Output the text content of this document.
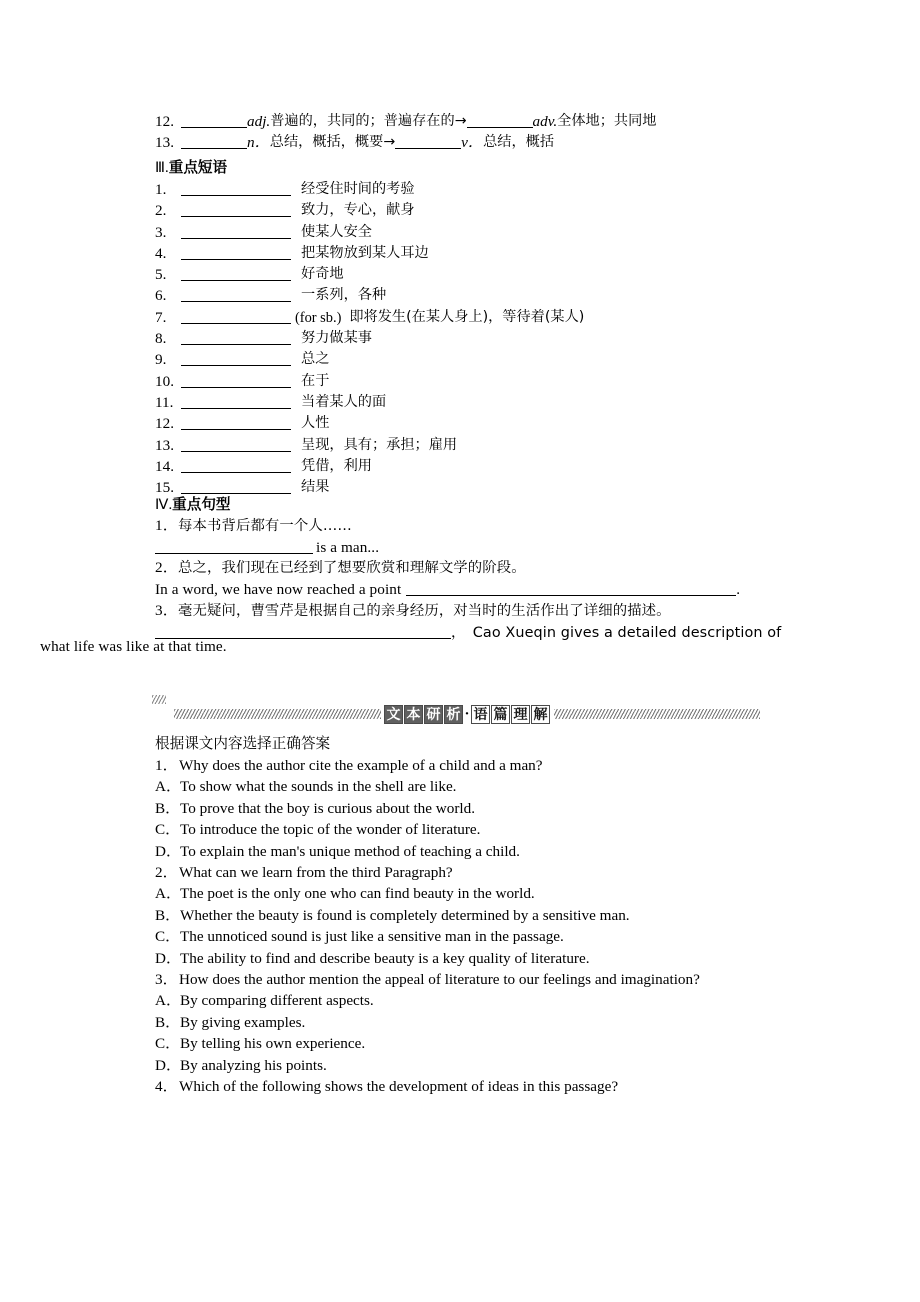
12.	adj.普遍的，共同的；普遍存在的→	adv.全体地；共同地
13.	n．总结，概括，概要→	v．总结，概括
Ⅲ.重点短语
1.	经受住时间的考验
2.	致力，专心，献身
3.	使某人安全
4.	把某物放到某人耳边
5.	好奇地
6.	一系列，各种
7.	(for sb.) 即将发生(在某人身上)，等待着(某人)
8.	努力做某事
9.	总之
10.	在于
11.	当着某人的面
12.	人性
13.	呈现，具有；承担；雇用
14.	凭借，利用
15.	结果
Ⅳ.重点句型
1．每本书背后都有一个人……
is a man...
2．总之，我们现在已经到了想要欣赏和理解文学的阶段。
In a word, we have now reached a point	.
3．毫无疑问，曹雪芹是根据自己的亲身经历，对当时的生活作出了详细的描述。
，　Cao Xueqin gives a detailed description of
what life was like at that time.
文 本 研 析 · 语 篇 理 解
根据课文内容选择正确答案
1．Why does the author cite the example of a child and a man?
A．To show what the sounds in the shell are like.
B．To prove that the boy is curious about the world.
C．To introduce the topic of the wonder of literature.
D．To explain the man's unique method of teaching a child.
2．What can we learn from the third Paragraph?
A．The poet is the only one who can find beauty in the world.
B．Whether the beauty is found is completely determined by a sensitive man.
C．The unnoticed sound is just like a sensitive man in the passage.
D．The ability to find and describe beauty is a key quality of literature.
3．How does the author mention the appeal of literature to our feelings and imagination?
A．By comparing different aspects.
B．By giving examples.
C．By telling his own experience.
D．By analyzing his points.
4．Which of the following shows the development of ideas in this passage?
